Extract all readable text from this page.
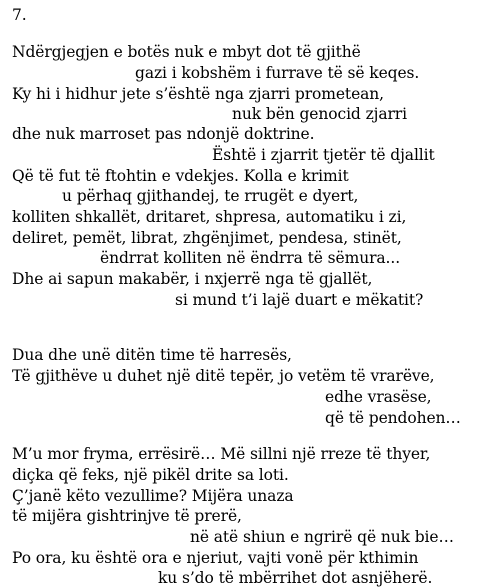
7.
Ndërgjegjen e botës nuk e mbyt dot të gjithë
gazi i kobshëm i furrave të së keqes.
Ky hi i hidhur jete s’është nga zjarri prometean,
nuk bën genocid zjarri
dhe nuk marroset pas ndonjë doktrine.
Është i zjarrit tjetër të djallit
Që të fut të ftohtin e vdekjes. Kolla e krimit
u përhaq gjithandej, te rrugët e dyert,
kolliten shkallët, dritaret, shpresa, automatiku i zi,
deliret, pemët, librat, zhgënjimet, pendesa, stinët,
ëndrrat kolliten në ëndrra të sëmura...
Dhe ai sapun makabër, i nxjerrë nga të gjallët,
si mund t’i lajë duart e mëkatit?
Dua dhe unë ditën time të harresës,
Të gjithëve u duhet një ditë tepër, jo vetëm të vrarëve,
edhe vrasëse,
që të pendohen…
M’u mor fryma, errësirë… Më sillni një rreze të thyer,
diçka që feks, një pikël drite sa loti.
Ç’janë këto vezullime? Mijëra unaza
të mijëra gishtrinjve të prerë,
në atë shiun e ngrirë që nuk bie…
Po ora, ku është ora e njeriut, vajti vonë për kthimin
ku s’do të mbërrihet dot asnjëherë.
